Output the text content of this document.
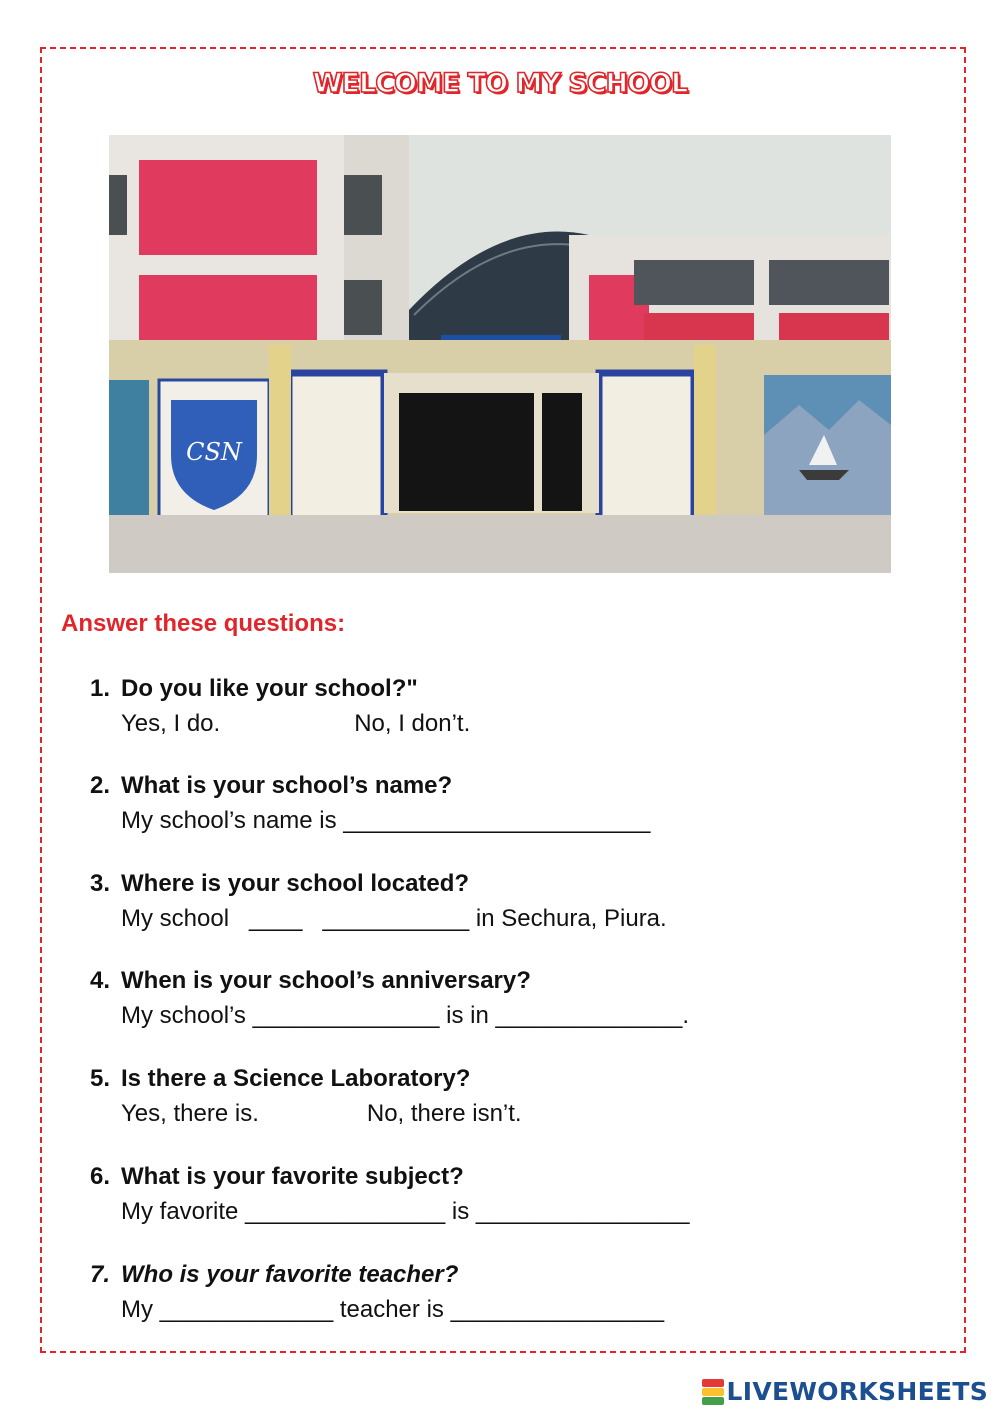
WELCOME TO MY SCHOOL
CSN
Answer these questions:
1. Do you like your school?"
Yes, I do.	No, I don’t.
2. What is your school’s name?
My school’s name is _______________________
3. Where is your school located?
My school ____ ___________ in Sechura, Piura.
4. When is your school’s anniversary?
My school’s ______________ is in ______________.
5. Is there a Science Laboratory?
Yes, there is.	No, there isn’t.
6. What is your favorite subject?
My favorite _______________ is ________________
7. Who is your favorite teacher?
My _____________ teacher is ________________
LIVEWORKSHEETS
